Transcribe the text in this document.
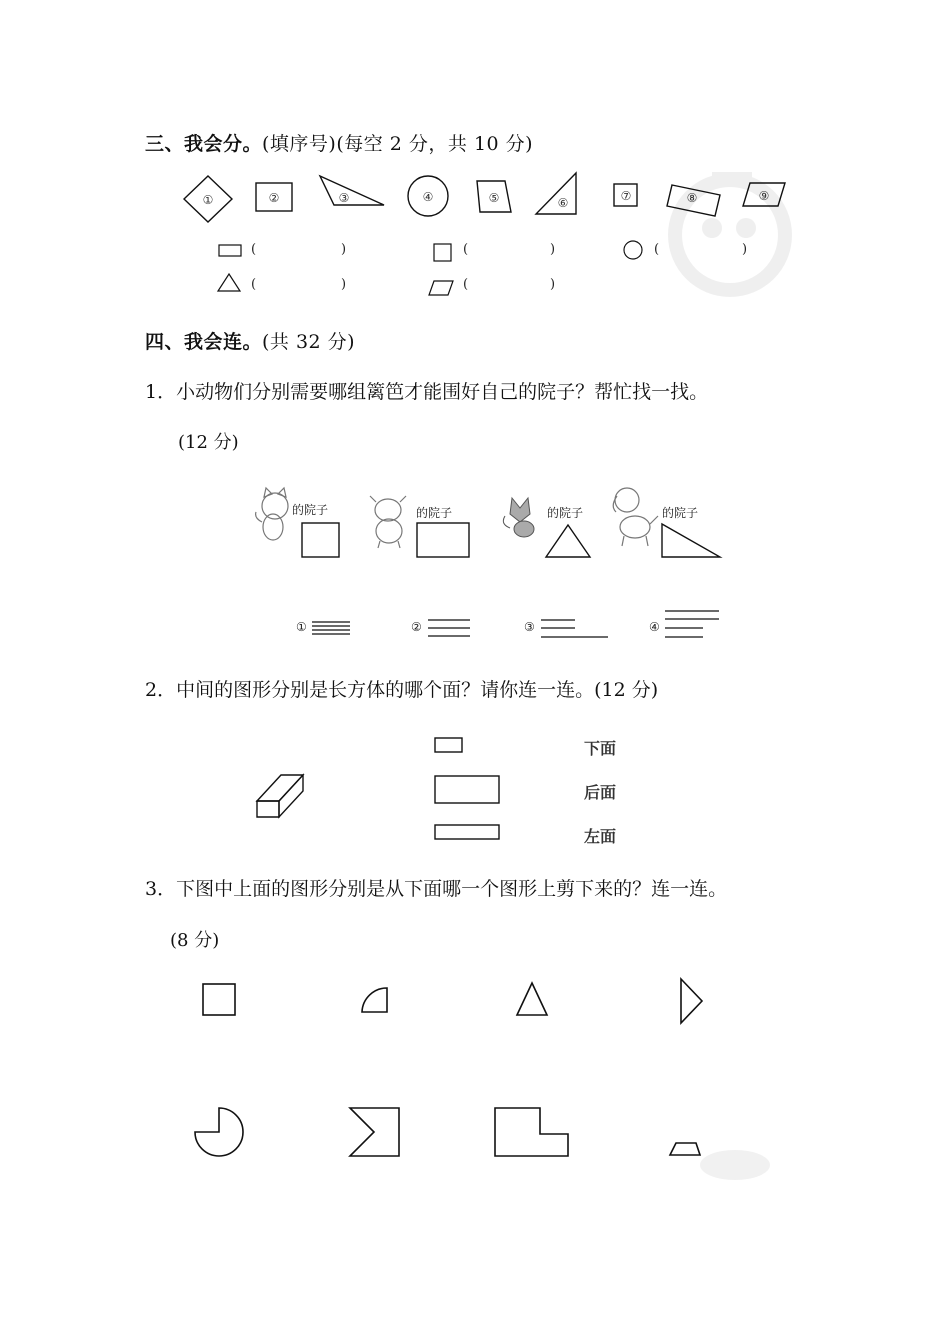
三、我会分。(填序号)(每空 2 分，共 10 分)
①	②	③	④	⑤	⑥	⑦	⑧	⑨
(	)	(	)	(	)
(	)	(	)
四、我会连。(共 32 分)
1．小动物们分别需要哪组篱笆才能围好自己的院子？帮忙找一找。
(12 分)
的院子	的院子	的院子	的院子
①	②	③	④
2．中间的图形分别是长方体的哪个面？请你连一连。(12 分)
下面
后面
左面
3．下图中上面的图形分别是从下面哪一个图形上剪下来的？连一连。
(8 分)
